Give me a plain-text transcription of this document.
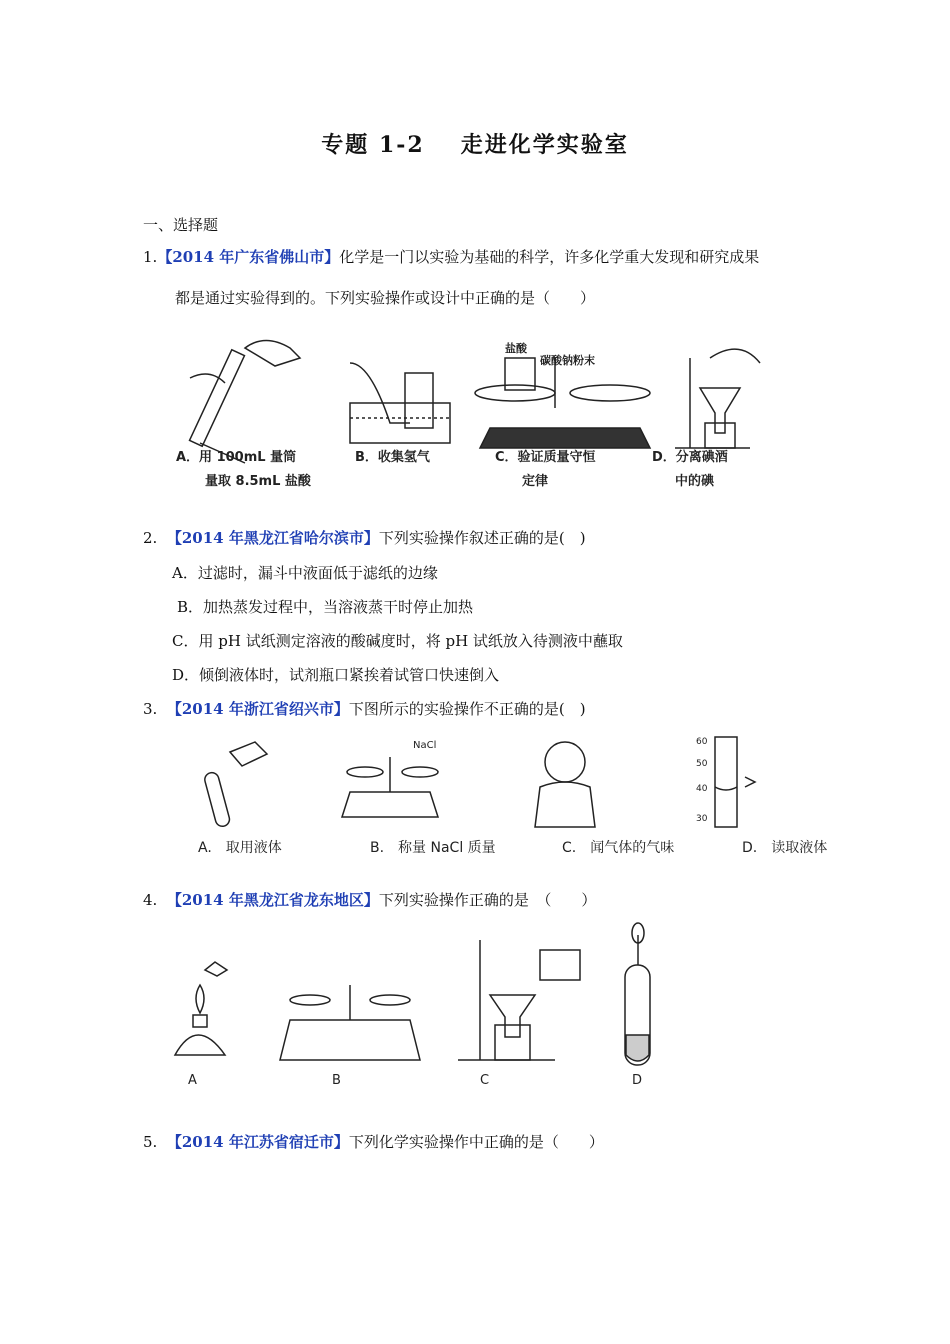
专题 1-2 走进化学实验室
一、选择题
1.【2014 年广东省佛山市】化学是一门以实验为基础的科学，许多化学重大发现和研究成果
都是通过实验得到的。下列实验操作或设计中正确的是（　　）
盐酸
碳酸钠粉末
A．用 100mL 量筒
量取 8.5mL 盐酸
B．收集氢气	C．验证质量守恒
定律
D．分离碘酒
中的碘
2. 【2014 年黑龙江省哈尔滨市】下列实验操作叙述正确的是(　)
A．过滤时，漏斗中液面低于滤纸的边缘
B．加热蒸发过程中，当溶液蒸干时停止加热
C．用 pH 试纸测定溶液的酸碱度时，将 pH 试纸放入待测液中蘸取
D．倾倒液体时，试剂瓶口紧挨着试管口快速倒入
3. 【2014 年浙江省绍兴市】下图所示的实验操作不正确的是(　)
NaCl	60
50
40
30
A.　取用液体	B.　称量 NaCl 质量	C.　闻气体的气味	D.　读取液体
4. 【2014 年黑龙江省龙东地区】下列实验操作正确的是　（　　）
A	B	C	D
5. 【2014 年江苏省宿迁市】下列化学实验操作中正确的是（　　）
